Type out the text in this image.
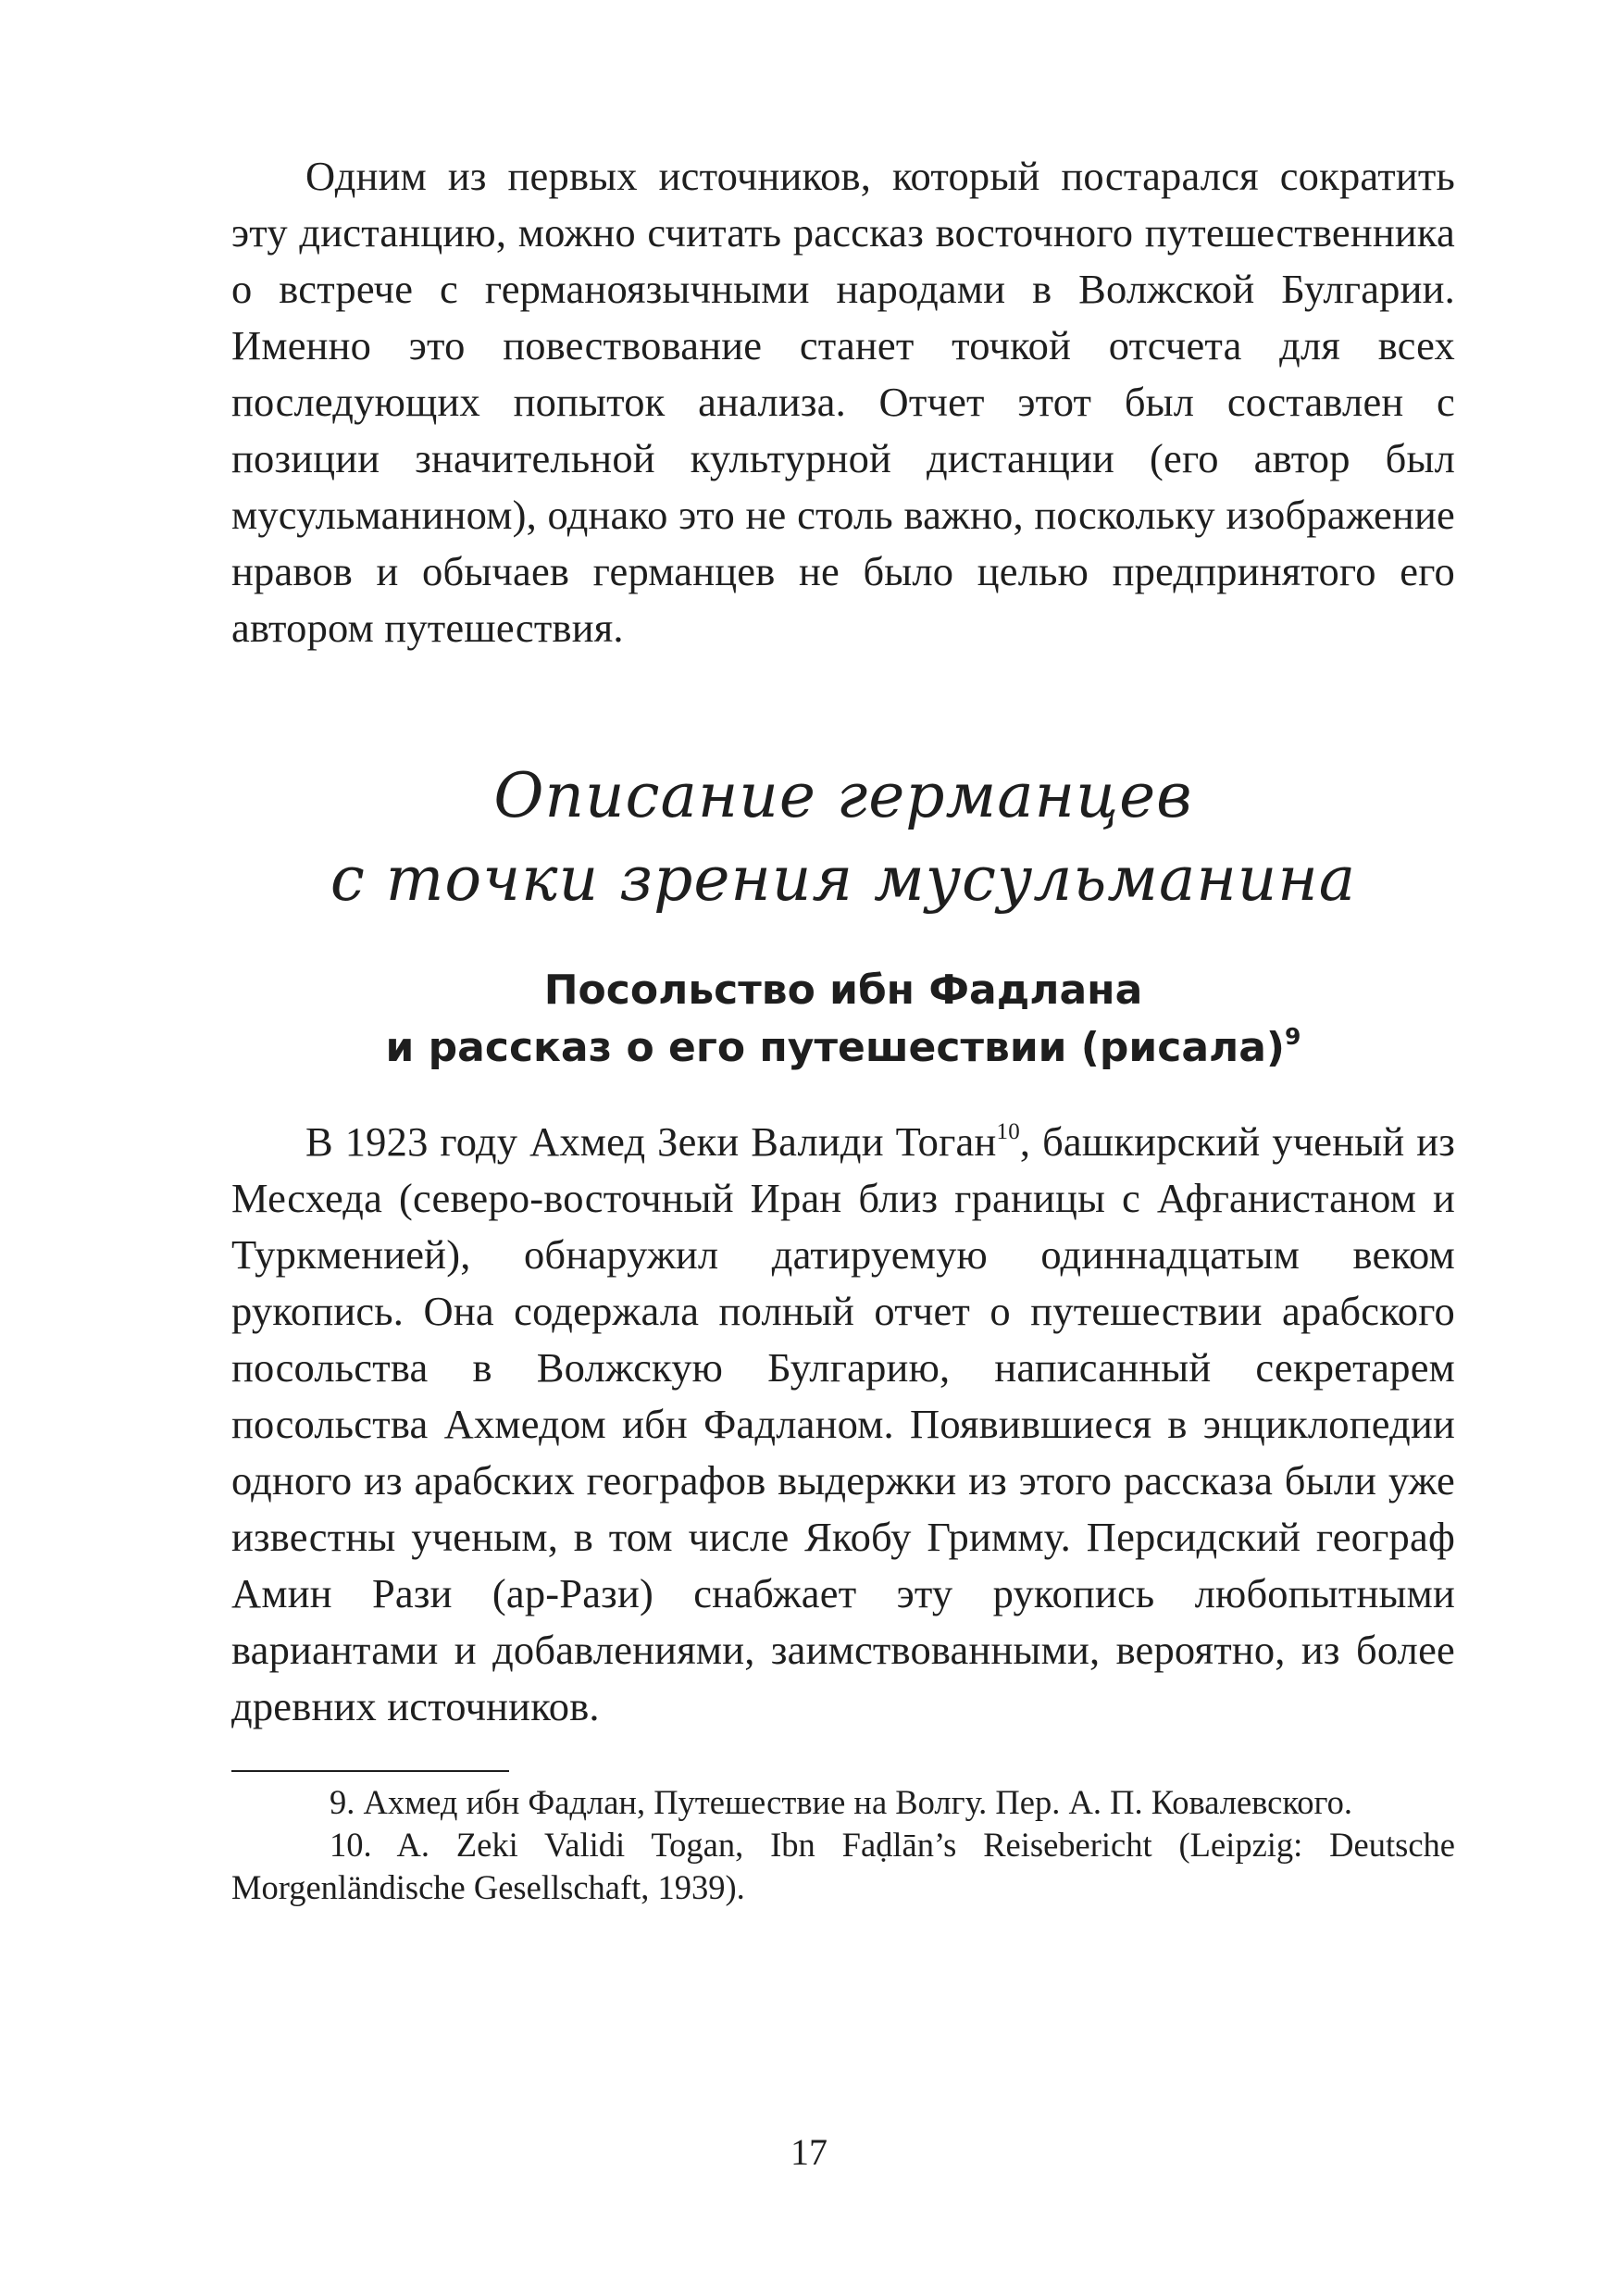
Одним из первых источников, который постарался сократить эту дистанцию, можно считать рассказ восточного путешественника о встрече с германоязычными народами в Волжской Булгарии. Именно это повествование станет точкой отсчета для всех последующих попыток анализа. Отчет этот был составлен с позиции значительной культурной дистанции (его автор был мусульманином), однако это не столь важно, поскольку изображение нравов и обычаев германцев не было целью предпринятого его автором путешествия.

Описание германцев
с точки зрения мусульманина
Посольство ибн Фадлана
и рассказ о его путешествии (рисала)$^9$

В 1923 году Ахмед Зеки Валиди Тоган$^{10}$, башкирский ученый из Месхеда (северо-восточный Иран близ границы с Афганистаном и Туркменией), обнаружил датируемую одиннадцатым веком рукопись. Она содержала полный отчет о путешествии арабского посольства в Волжскую Булгарию, написанный секретарем посольства Ахмедом ибн Фадланом. Появившиеся в энциклопедии одного из арабских географов выдержки из этого рассказа были уже известны ученым, в том числе Якобу Гримму. Персидский географ Амин Рази (ар-Рази) снабжает эту рукопись любопытными вариантами и добавлениями, заимствованными, вероятно, из более древних источников.

9. Ахмед ибн Фадлан, Путешествие на Волгу. Пер. А. П. Ковалевского.

10. A. Zeki Validi Togan, Ibn Faḍlān’s Reisebericht (Leipzig: Deutsche Morgenländische Gesellschaft, 1939).

17
